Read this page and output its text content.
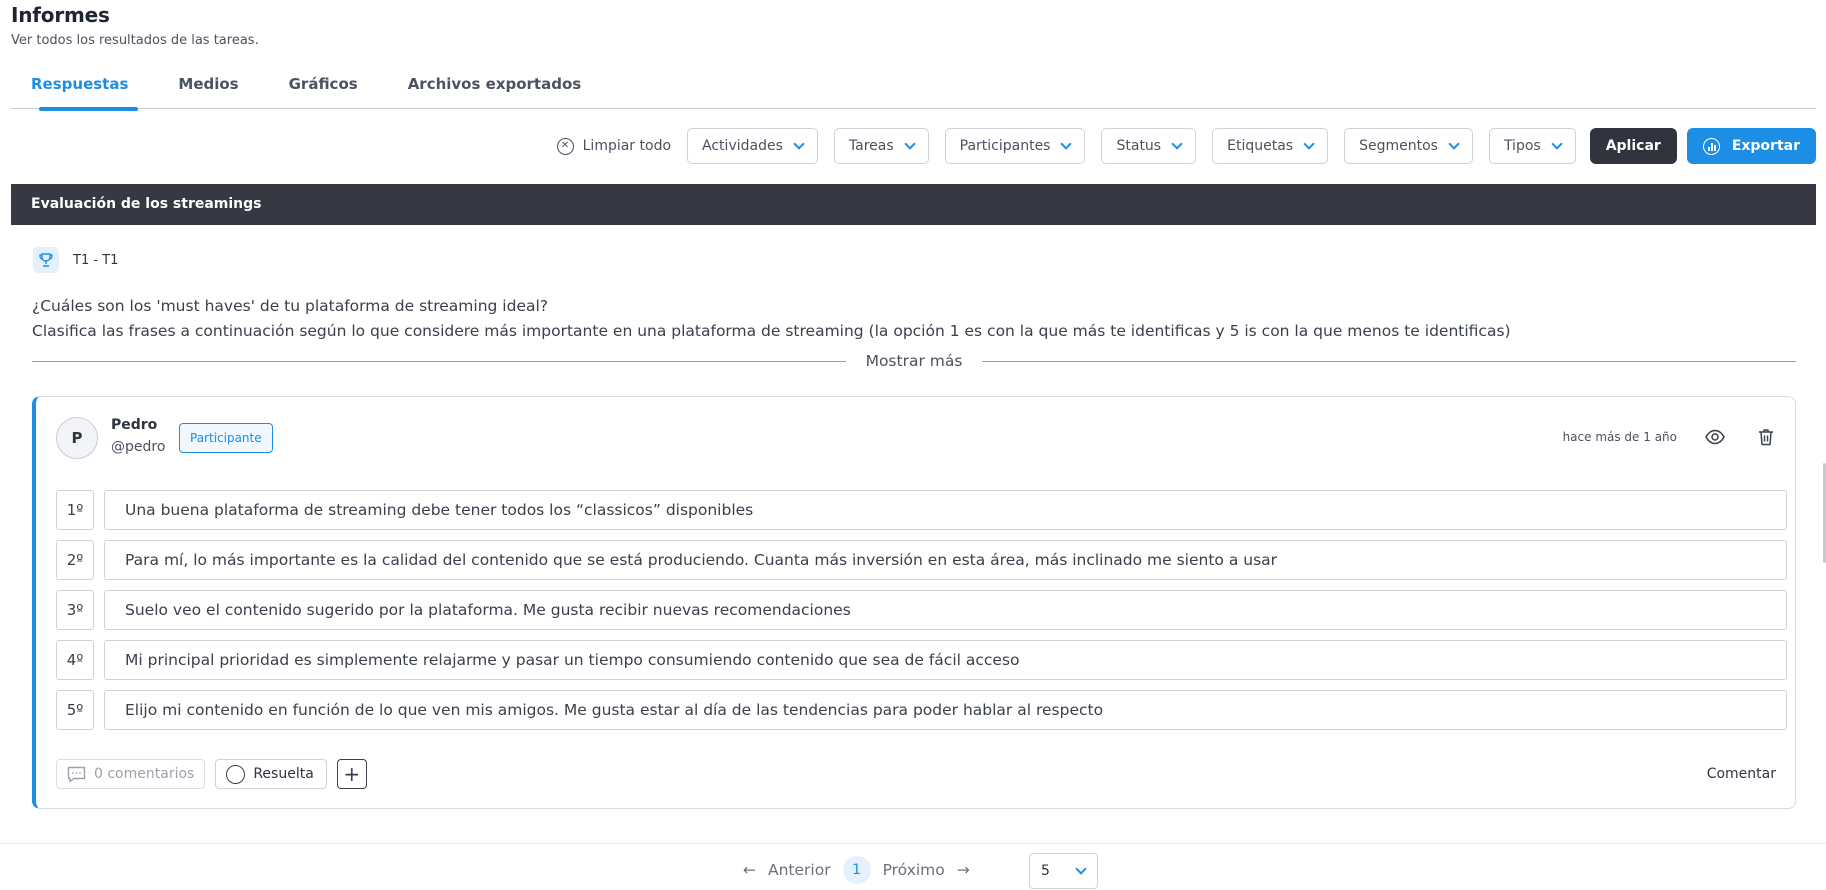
Informes
Ver todos los resultados de las tareas.
Respuestas	Medios	Gráficos	Archivos exportados
✕ Limpiar todo Actividades	Tareas	Participantes	Status	Etiquetas	Segmentos	Tipos	Aplicar	Exportar
Evaluación de los streamings
T1 - T1
¿Cuáles son los 'must haves' de tu plataforma de streaming ideal?
Clasifica las frases a continuación según lo que considere más importante en una plataforma de streaming (la opción 1 es con la que más te identificas y 5 is con la que menos te identificas)
Mostrar más
P
Pedro
@pedro
Participante	hace más de 1 año
1º	Una buena plataforma de streaming debe tener todos los “classicos” disponibles
2º	Para mí, lo más importante es la calidad del contenido que se está produciendo. Cuanta más inversión en esta área, más inclinado me siento a usar
3º	Suelo veo el contenido sugerido por la plataforma. Me gusta recibir nuevas recomendaciones
4º	Mi principal prioridad es simplemente relajarme y pasar un tiempo consumiendo contenido que sea de fácil acceso
5º	Elijo mi contenido en función de lo que ven mis amigos. Me gusta estar al día de las tendencias para poder hablar al respecto
0 comentarios	Resuelta +	Comentar
← Anterior	1	Próximo →	5
